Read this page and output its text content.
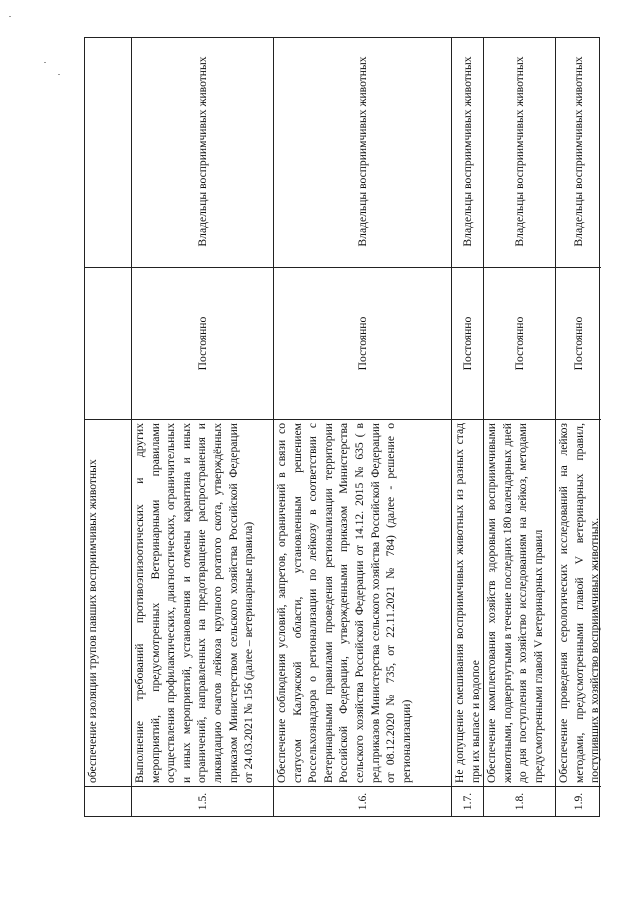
обеспечение изоляции трупов павших восприимчивых животных
1.5.
Выполнение требований противоэпизоотических и других мероприятий, предусмотренных Ветеринарными правилами осуществления профилактических, диагностических, ограничительных и иных мероприятий, установления и отмены карантина и иных ограничений, направленных на предотвращение распространения и ликвидацию очагов лейкоза крупного рогатого скота, утверждённых приказом Министерством сельского хозяйства Российской Федерации от 24.03.2021 № 156 (далее – ветеринарные правила)
Постоянно
Владельцы восприимчивых животных
1.6.
Обеспечение соблюдения условий, запретов, ограничений в связи со статусом Калужской области, установленным решением Россельхознадзора о регионализации по лейкозу в соответствии с Ветеринарными правилами проведения регионализации территории Российской Федерации, утвержденными приказом Министерства сельского хозяйства Российской Федерации от 14.12. 2015 № 635 ( в ред.приказов Министерства сельского хозяйства Российской Федерации от 08.12.2020 № 735, от 22.11.2021 № 784) (далее - решение о регионализации)
Постоянно
Владельцы восприимчивых животных
1.7.
Не допущение смешивания восприимчивых животных из разных стад при их выпасе и водопое
Постоянно
Владельцы восприимчивых животных
1.8.
Обеспечение комплектования хозяйств здоровыми восприимчивыми животными, подвергнутыми в течение последних 180 календарных дней до дня поступления в хозяйство исследованиям на лейкоз, методами предусмотренными главой V ветеринарных правил
Постоянно
Владельцы восприимчивых животных
1.9.
Обеспечение проведения серологических исследований на лейкоз методами, предусмотренными главой V ветеринарных правил, поступивших в хозяйство восприимчивых животных.
Постоянно
Владельцы восприимчивых животных
